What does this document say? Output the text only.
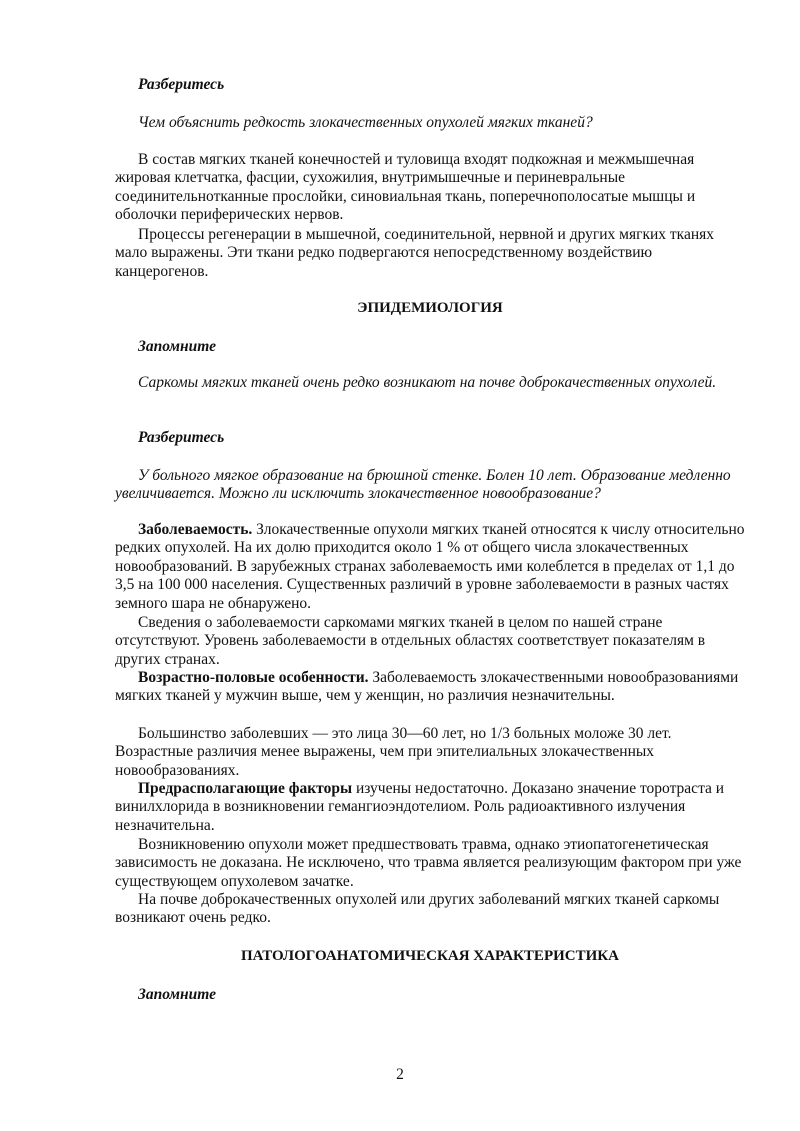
Разберитесь

Чем объяснить редкость злокачественных опухолей мягких тканей?

В состав мягких тканей конечностей и туловища входят подкожная и межмышечная жировая клетчатка, фасции, сухожилия, внутримышечные и периневральные соединительнотканные прослойки, синовиальная ткань, поперечнополосатые мышцы и оболочки периферических нервов.

Процессы регенерации в мышечной, соединительной, нервной и других мягких тканях мало выражены. Эти ткани редко подвергаются непосредственному воздействию канцерогенов.

ЭПИДЕМИОЛОГИЯ

Запомните

Саркомы мягких тканей очень редко возникают на почве доброкачественных опухолей.

Разберитесь

У больного мягкое образование на брюшной стенке. Болен 10 лет. Образование медленно увеличивается. Можно ли исключить злокачественное новообразование?

Заболеваемость. Злокачественные опухоли мягких тканей относятся к числу относительно редких опухолей. На их долю приходится около 1 % от общего числа злокачественных новообразований. В зарубежных странах заболеваемость ими колеблется в пределах от 1,1 до 3,5 на 100 000 населения. Существенных различий в уровне заболеваемости в разных частях земного шара не обнаружено.

Сведения о заболеваемости саркомами мягких тканей в целом по нашей стране отсутствуют. Уровень заболеваемости в отдельных областях соответствует показателям в других странах.

Возрастно-половые особенности. Заболеваемость злокачественными новообразованиями мягких тканей у мужчин выше, чем у женщин, но различия незначительны.

Большинство заболевших — это лица 30—60 лет, но 1/3 больных моложе 30 лет. Возрастные различия менее выражены, чем при эпителиальных злокачественных новообразованиях.

Предрасполагающие факторы изучены недостаточно. Доказано значение торотраста и винилхлорида в возникновении гемангиоэндотелиом. Роль радиоактивного излучения незначительна.

Возникновению опухоли может предшествовать травма, однако этиопатогенетическая зависимость не доказана. Не исключено, что травма является реализующим фактором при уже существующем опухолевом зачатке.

На почве доброкачественных опухолей или других заболеваний мягких тканей саркомы возникают очень редко.

ПАТОЛОГОАНАТОМИЧЕСКАЯ ХАРАКТЕРИСТИКА

Запомните

2
